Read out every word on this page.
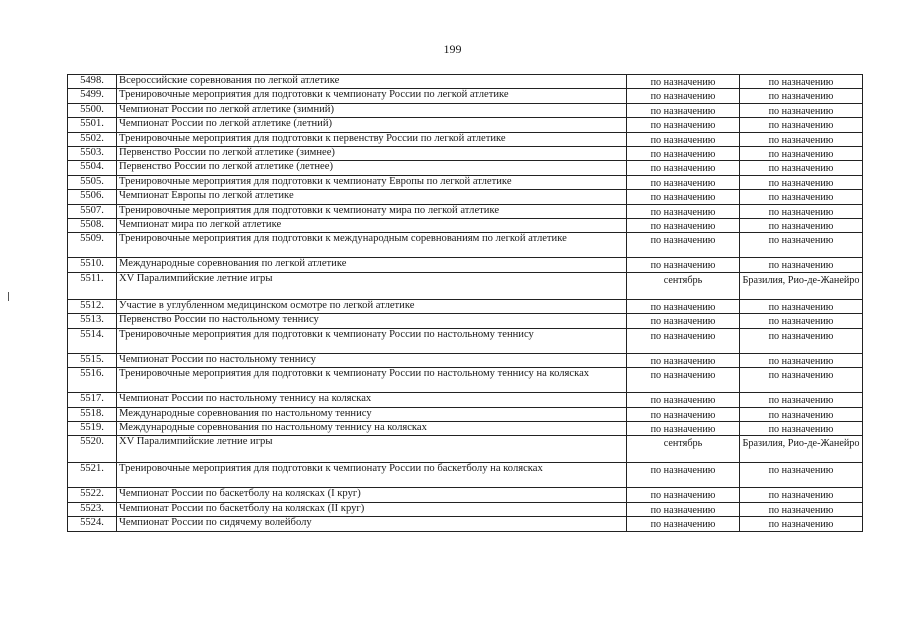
199
5498.	Всероссийские соревнования по легкой атлетике	по назначению	по назначению
5499.	Тренировочные мероприятия для подготовки к чемпионату России по легкой атлетике	по назначению	по назначению
5500.	Чемпионат России по легкой атлетике (зимний)	по назначению	по назначению
5501.	Чемпионат России по легкой атлетике (летний)	по назначению	по назначению
5502.	Тренировочные мероприятия для подготовки к первенству России по легкой атлетике	по назначению	по назначению
5503.	Первенство России по легкой атлетике (зимнее)	по назначению	по назначению
5504.	Первенство России по легкой атлетике (летнее)	по назначению	по назначению
5505.	Тренировочные мероприятия для подготовки к чемпионату Европы по легкой атлетике	по назначению	по назначению
5506.	Чемпионат Европы по легкой атлетике	по назначению	по назначению
5507.	Тренировочные мероприятия для подготовки к чемпионату мира по легкой атлетике	по назначению	по назначению
5508.	Чемпионат мира по легкой атлетике	по назначению	по назначению
5509.	Тренировочные мероприятия для подготовки к международным соревнованиям по легкой атлетике	по назначению	по назначению
5510.	Международные соревнования по легкой атлетике	по назначению	по назначению
5511.	XV Паралимпийские летние игры	сентябрь	Бразилия, Рио-де-Жанейро
5512.	Участие в углубленном медицинском осмотре по легкой атлетике	по назначению	по назначению
5513.	Первенство России по настольному теннису	по назначению	по назначению
5514.	Тренировочные мероприятия для подготовки к чемпионату России по настольному теннису	по назначению	по назначению
5515.	Чемпионат России по настольному теннису	по назначению	по назначению
5516.	Тренировочные мероприятия для подготовки к чемпионату России по настольному теннису на колясках	по назначению	по назначению
5517.	Чемпионат России по настольному теннису на колясках	по назначению	по назначению
5518.	Международные соревнования по настольному теннису	по назначению	по назначению
5519.	Международные соревнования по настольному теннису на колясках	по назначению	по назначению
5520.	XV Паралимпийские летние игры	сентябрь	Бразилия, Рио-де-Жанейро
5521.	Тренировочные мероприятия для подготовки к чемпионату России по баскетболу на колясках	по назначению	по назначению
5522.	Чемпионат России по баскетболу на колясках (I круг)	по назначению	по назначению
5523.	Чемпионат России по баскетболу на колясках (II круг)	по назначению	по назначению
5524.	Чемпионат России по сидячему волейболу	по назначению	по назначению
